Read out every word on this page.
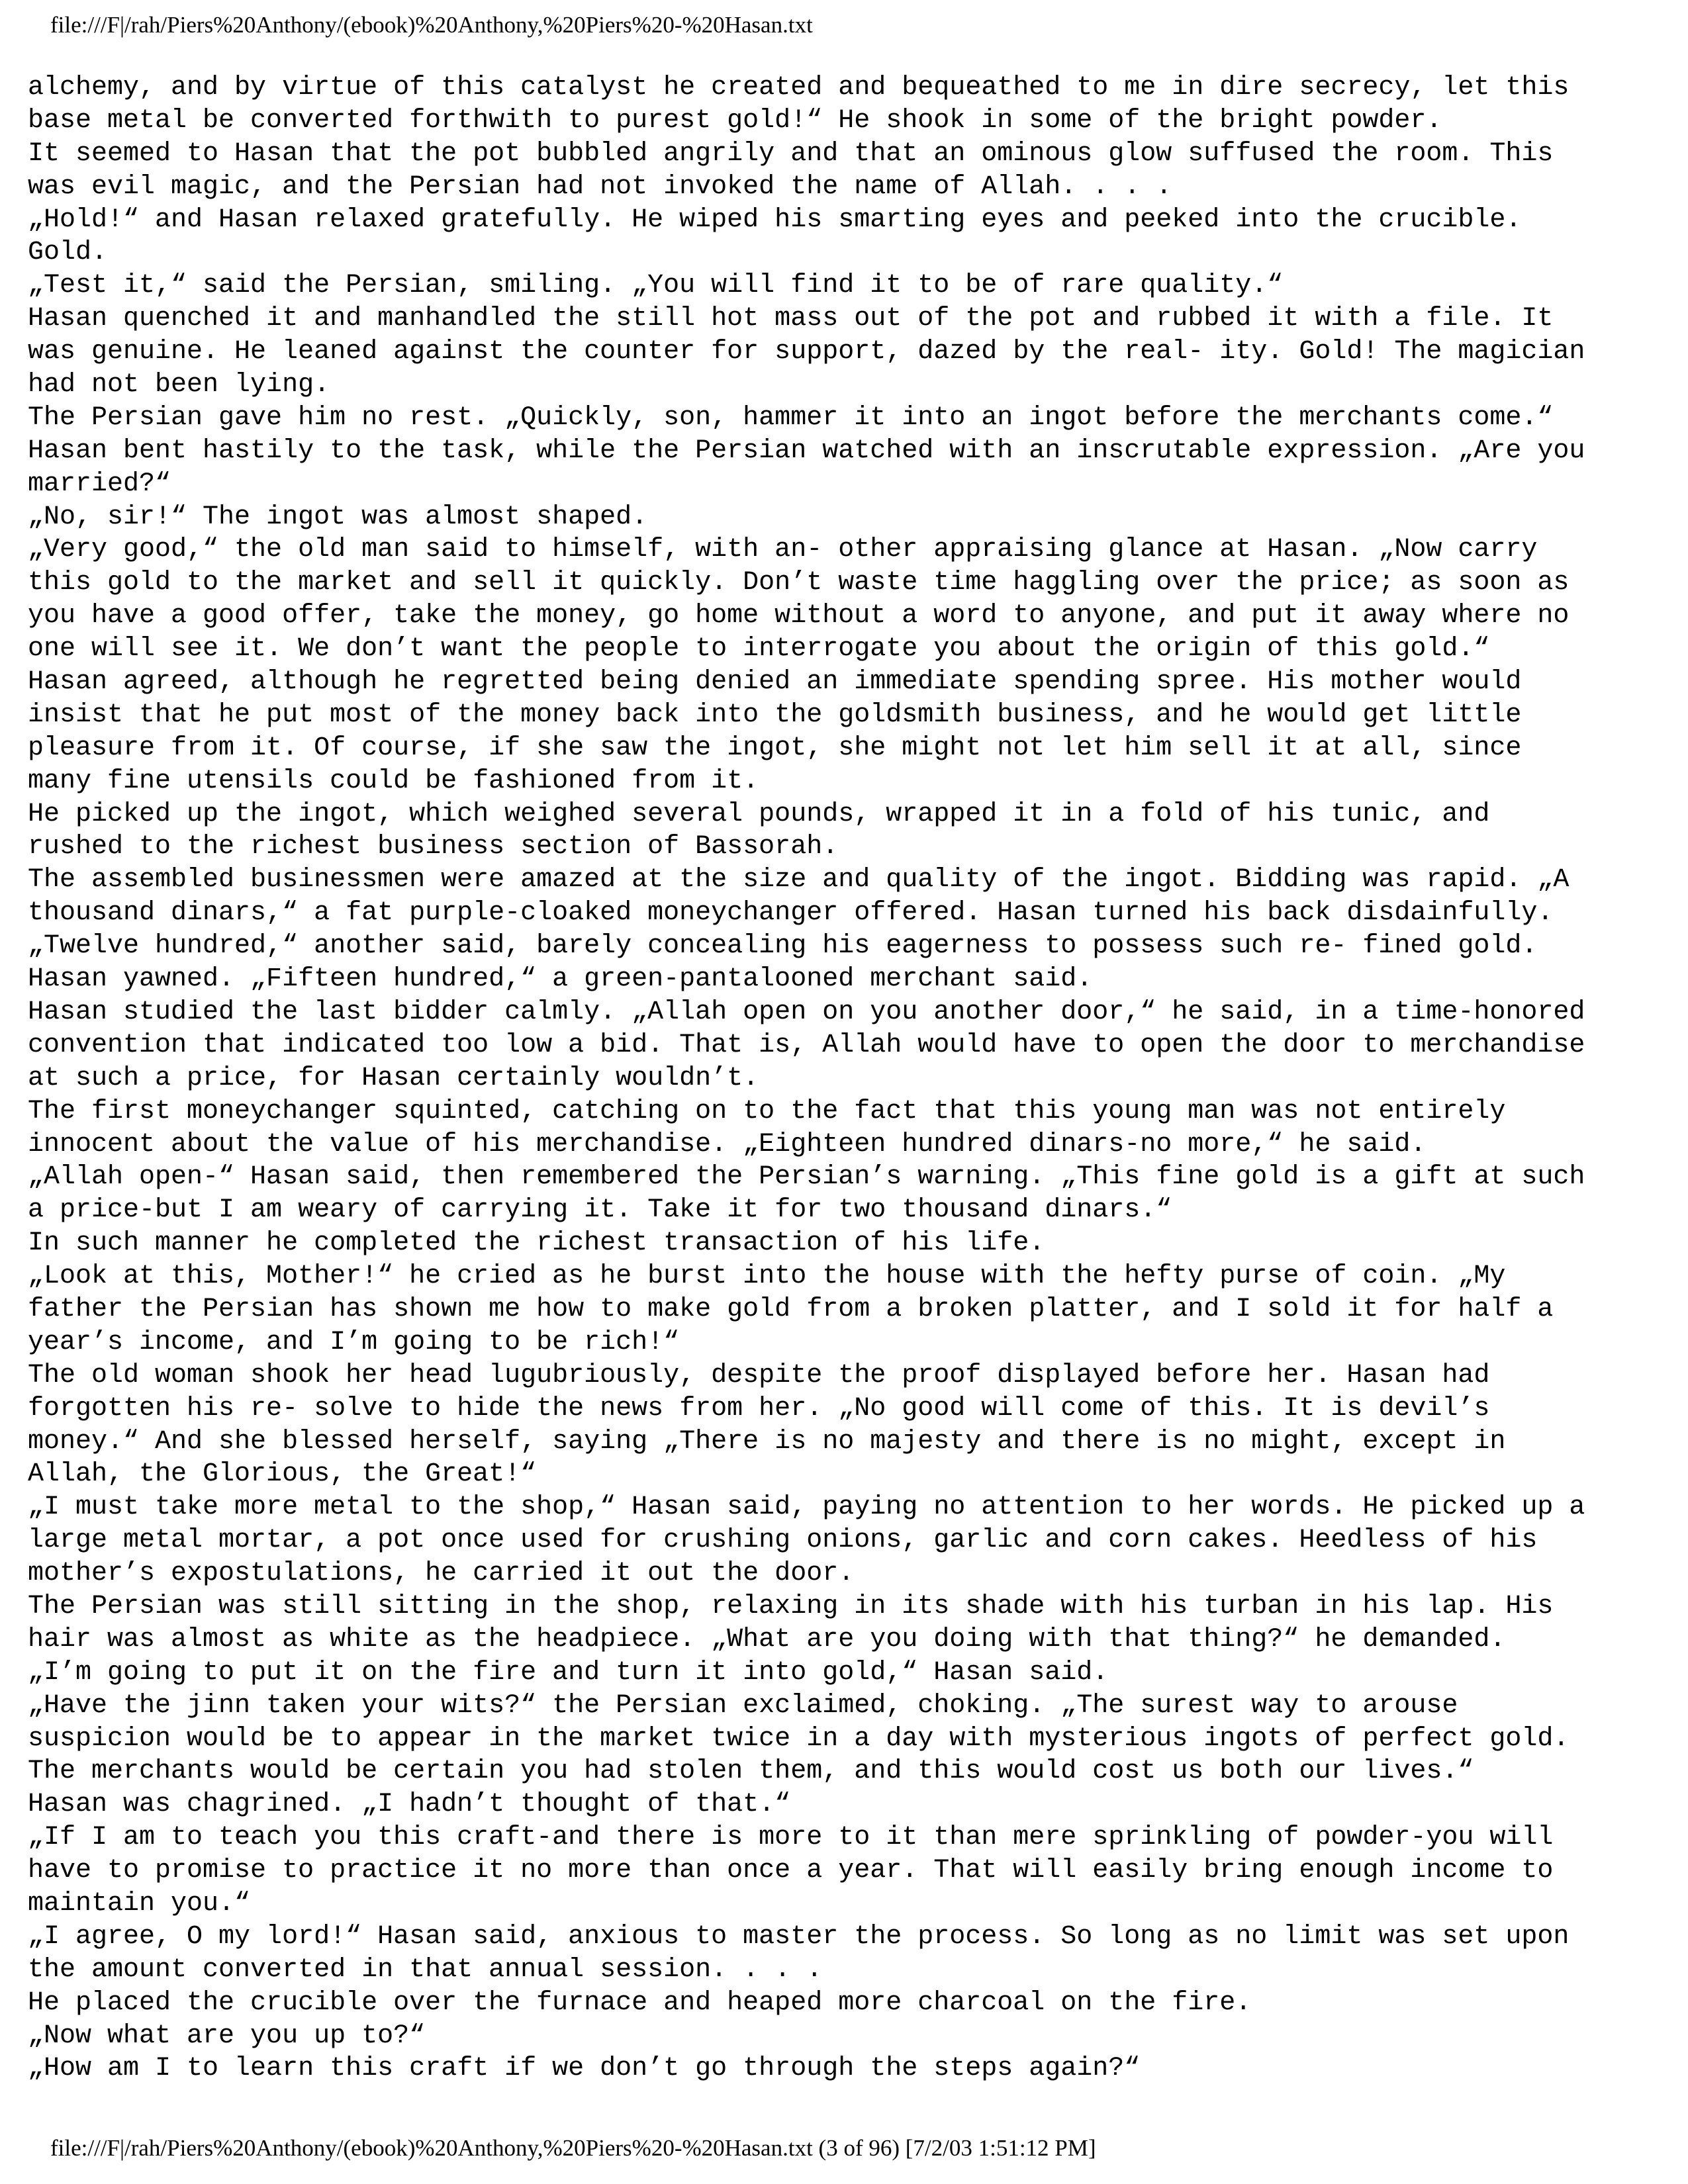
file:///F|/rah/Piers%20Anthony/(ebook)%20Anthony,%20Piers%20-%20Hasan.txt
alchemy, and by virtue of this catalyst he created and bequeathed to me in dire secrecy, let this
base metal be converted forthwith to purest gold!“ He shook in some of the bright powder.
It seemed to Hasan that the pot bubbled angrily and that an ominous glow suffused the room. This
was evil magic, and the Persian had not invoked the name of Allah. . . .
„Hold!“ and Hasan relaxed gratefully. He wiped his smarting eyes and peeked into the crucible.
Gold.
„Test it,“ said the Persian, smiling. „You will find it to be of rare quality.“
Hasan quenched it and manhandled the still hot mass out of the pot and rubbed it with a file. It
was genuine. He leaned against the counter for support, dazed by the real- ity. Gold! The magician
had not been lying.
The Persian gave him no rest. „Quickly, son, hammer it into an ingot before the merchants come.“
Hasan bent hastily to the task, while the Persian watched with an inscrutable expression. „Are you
married?“
„No, sir!“ The ingot was almost shaped.
„Very good,“ the old man said to himself, with an- other appraising glance at Hasan. „Now carry
this gold to the market and sell it quickly. Don’t waste time haggling over the price; as soon as
you have a good offer, take the money, go home without a word to anyone, and put it away where no
one will see it. We don’t want the people to interrogate you about the origin of this gold.“
Hasan agreed, although he regretted being denied an immediate spending spree. His mother would
insist that he put most of the money back into the goldsmith business, and he would get little
pleasure from it. Of course, if she saw the ingot, she might not let him sell it at all, since
many fine utensils could be fashioned from it.
He picked up the ingot, which weighed several pounds, wrapped it in a fold of his tunic, and
rushed to the richest business section of Bassorah.
The assembled businessmen were amazed at the size and quality of the ingot. Bidding was rapid. „A
thousand dinars,“ a fat purple-cloaked moneychanger offered. Hasan turned his back disdainfully.
„Twelve hundred,“ another said, barely concealing his eagerness to possess such re- fined gold.
Hasan yawned. „Fifteen hundred,“ a green-pantalooned merchant said.
Hasan studied the last bidder calmly. „Allah open on you another door,“ he said, in a time-honored
convention that indicated too low a bid. That is, Allah would have to open the door to merchandise
at such a price, for Hasan certainly wouldn’t.
The first moneychanger squinted, catching on to the fact that this young man was not entirely
innocent about the value of his merchandise. „Eighteen hundred dinars-no more,“ he said.
„Allah open-“ Hasan said, then remembered the Persian’s warning. „This fine gold is a gift at such
a price-but I am weary of carrying it. Take it for two thousand dinars.“
In such manner he completed the richest transaction of his life.
„Look at this, Mother!“ he cried as he burst into the house with the hefty purse of coin. „My
father the Persian has shown me how to make gold from a broken platter, and I sold it for half a
year’s income, and I’m going to be rich!“
The old woman shook her head lugubriously, despite the proof displayed before her. Hasan had
forgotten his re- solve to hide the news from her. „No good will come of this. It is devil’s
money.“ And she blessed herself, saying „There is no majesty and there is no might, except in
Allah, the Glorious, the Great!“
„I must take more metal to the shop,“ Hasan said, paying no attention to her words. He picked up a
large metal mortar, a pot once used for crushing onions, garlic and corn cakes. Heedless of his
mother’s expostulations, he carried it out the door.
The Persian was still sitting in the shop, relaxing in its shade with his turban in his lap. His
hair was almost as white as the headpiece. „What are you doing with that thing?“ he demanded.
„I’m going to put it on the fire and turn it into gold,“ Hasan said.
„Have the jinn taken your wits?“ the Persian exclaimed, choking. „The surest way to arouse
suspicion would be to appear in the market twice in a day with mysterious ingots of perfect gold.
The merchants would be certain you had stolen them, and this would cost us both our lives.“
Hasan was chagrined. „I hadn’t thought of that.“
„If I am to teach you this craft-and there is more to it than mere sprinkling of powder-you will
have to promise to practice it no more than once a year. That will easily bring enough income to
maintain you.“
„I agree, O my lord!“ Hasan said, anxious to master the process. So long as no limit was set upon
the amount converted in that annual session. . . .
He placed the crucible over the furnace and heaped more charcoal on the fire.
„Now what are you up to?“
„How am I to learn this craft if we don’t go through the steps again?“
file:///F|/rah/Piers%20Anthony/(ebook)%20Anthony,%20Piers%20-%20Hasan.txt (3 of 96) [7/2/03 1:51:12 PM]
